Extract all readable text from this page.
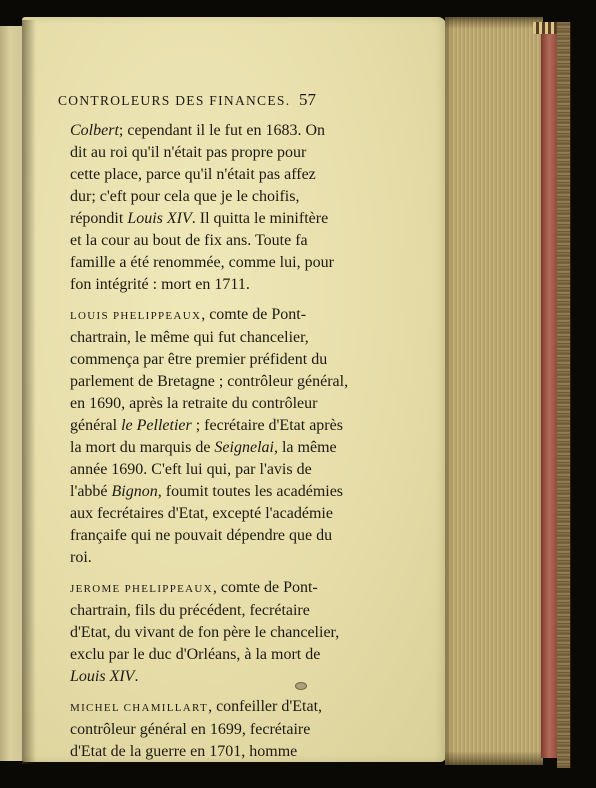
CONTROLEURS DES FINANCES. 57

Colbert; cependant il le fut en 1683. On
dit au roi qu'il n'était pas propre pour
cette place, parce qu'il n'était pas affez
dur; c'eft pour cela que je le choifis,
répondit Louis XIV. Il quitta le miniftère
et la cour au bout de fix ans. Toute fa
famille a été renommée, comme lui, pour
fon intégrité : mort en 1711.

LOUIS PHELIPPEAUX, comte de Pont-
chartrain, le même qui fut chancelier,
commença par être premier préfident du
parlement de Bretagne ; contrôleur général,
en 1690, après la retraite du contrôleur
général le Pelletier ; fecrétaire d'Etat après
la mort du marquis de Seignelai, la même
année 1690. C'eft lui qui, par l'avis de
l'abbé Bignon, foumit toutes les académies
aux fecrétaires d'Etat, excepté l'académie
françaife qui ne pouvait dépendre que du
roi.

JEROME PHELIPPEAUX, comte de Pont-
chartrain, fils du précédent, fecrétaire
d'Etat, du vivant de fon père le chancelier,
exclu par le duc d'Orléans, à la mort de
Louis XIV.

MICHEL CHAMILLART, confeiller d'Etat,
contrôleur général en 1699, fecrétaire
d'Etat de la guerre en 1701, homme
